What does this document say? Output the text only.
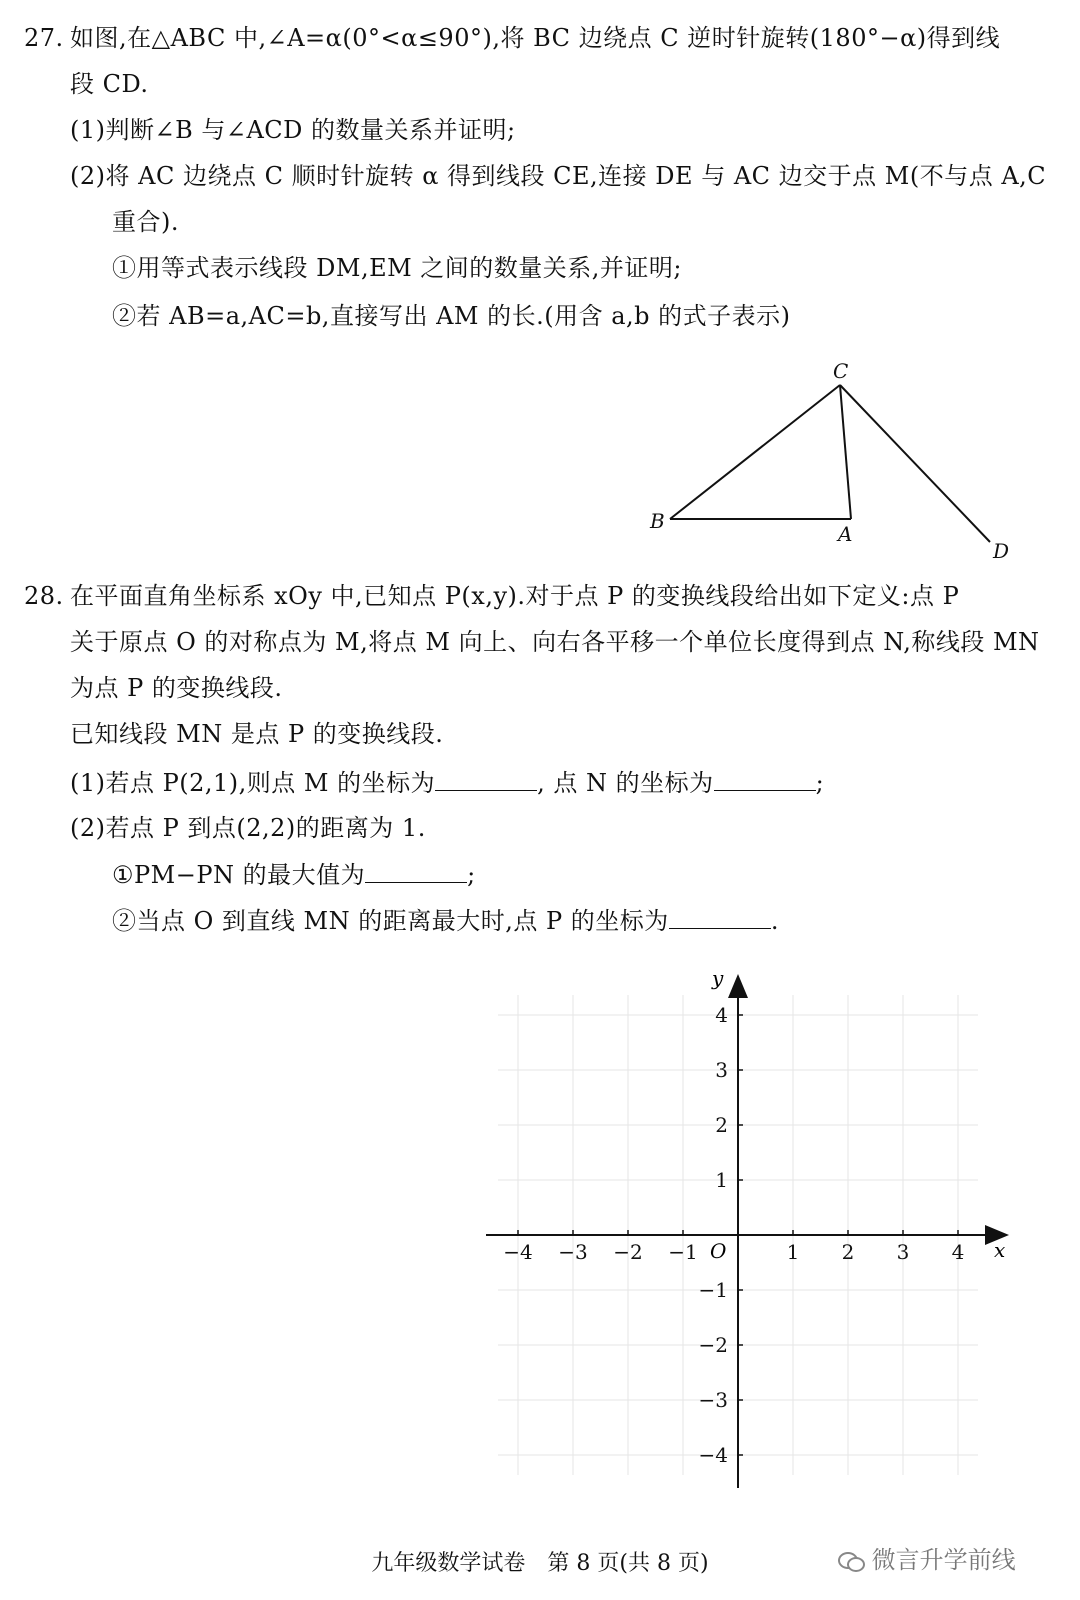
27. 如图,在△ABC 中,∠A=α(0°<α≤90°),将 BC 边绕点 C 逆时针旋转(180°−α)得到线
段 CD.
(1)判断∠B 与∠ACD 的数量关系并证明;
(2)将 AC 边绕点 C 顺时针旋转 α 得到线段 CE,连接 DE 与 AC 边交于点 M(不与点 A,C
重合).
①用等式表示线段 DM,EM 之间的数量关系,并证明;
②若 AB=a,AC=b,直接写出 AM 的长.(用含 a,b 的式子表示)
C
B
A
D
28. 在平面直角坐标系 xOy 中,已知点 P(x,y).对于点 P 的变换线段给出如下定义:点 P
关于原点 O 的对称点为 M,将点 M 向上、向右各平移一个单位长度得到点 N,称线段 MN
为点 P 的变换线段.
已知线段 MN 是点 P 的变换线段.
(1)若点 P(2,1),则点 M 的坐标为	, 点 N 的坐标为	;
(2)若点 P 到点(2,2)的距离为 1.
①PM−PN 的最大值为	;
②当点 O 到直线 MN 的距离最大时,点 P 的坐标为	.
−4 −3 −2 −1	1 2 3 4
4
3
2
1
−1
−2
−3
−4
x
y
O
九年级数学试卷　第 8 页(共 8 页)	微言升学前线
